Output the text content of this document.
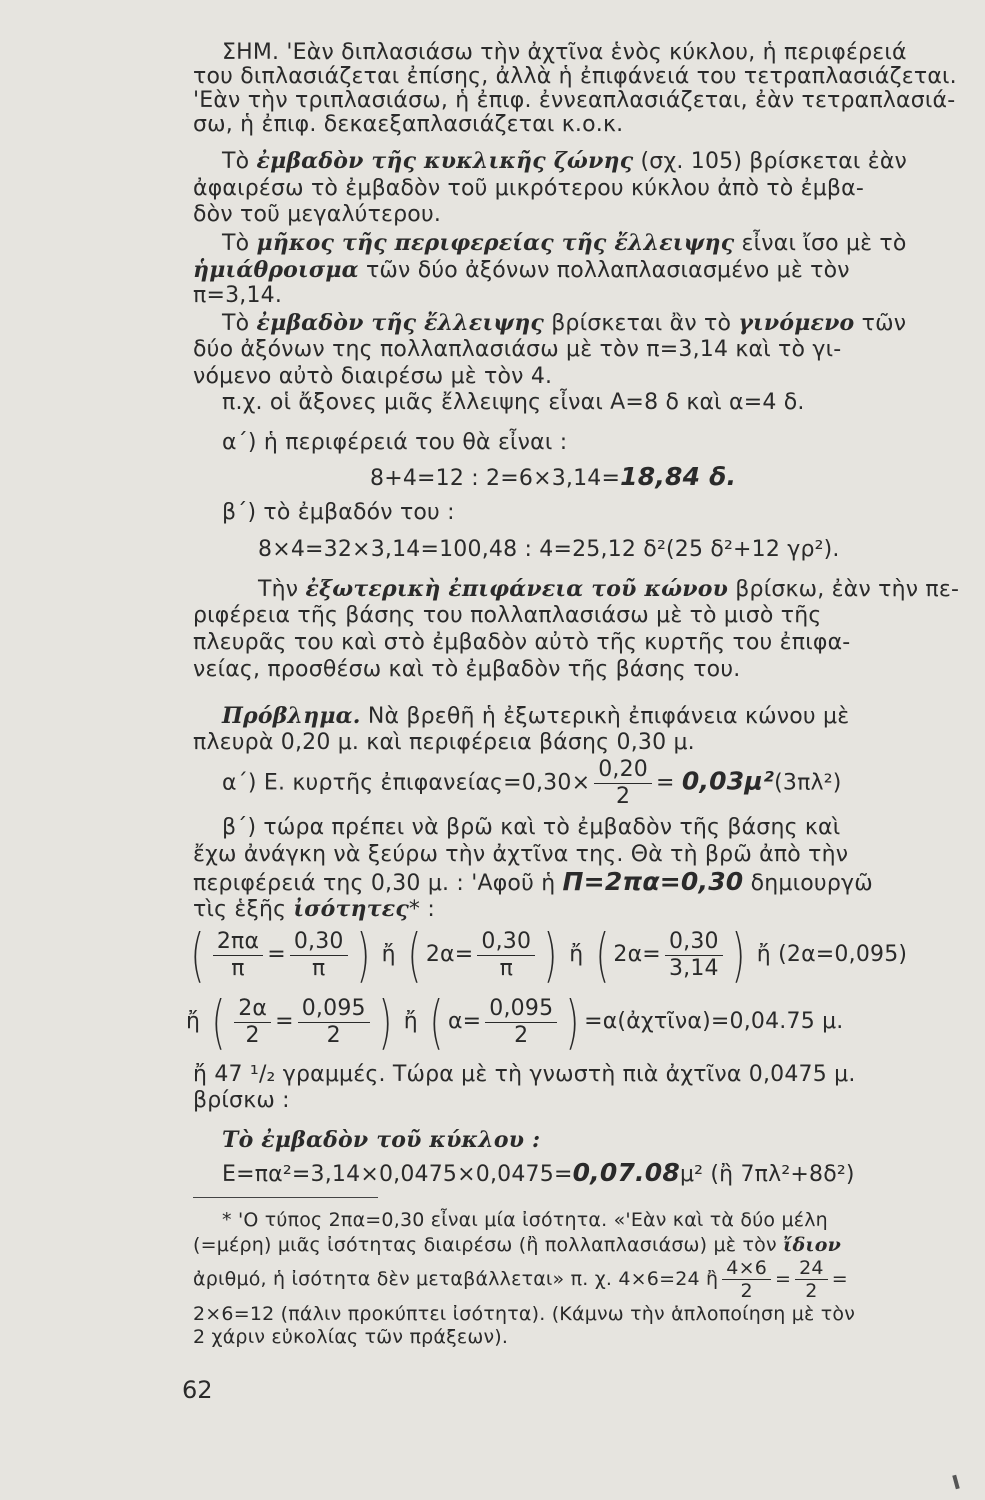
ΣΗΜ. 'Εὰν διπλασιάσω τὴν ἀχτῖνα ἑνὸς κύκλου, ἡ περιφέρειά
του διπλασιάζεται ἐπίσης, ἀλλὰ ἡ ἐπιφάνειά του τετραπλασιάζεται.
'Εὰν τὴν τριπλασιάσω, ἡ ἐπιφ. ἐννεαπλασιάζεται, ἐὰν τετραπλασιά-
σω, ἡ ἐπιφ. δεκαεξαπλασιάζεται κ.ο.κ.
Τὸ ἐμβαδὸν τῆς κυκλικῆς ζώνης (σχ. 105) βρίσκεται ἐὰν
ἀφαιρέσω τὸ ἐμβαδὸν τοῦ μικρότερου κύκλου ἀπὸ τὸ ἐμβα-
δὸν τοῦ μεγαλύτερου.
Τὸ μῆκος τῆς περιφερείας τῆς ἔλλειψης εἶναι ἴσο μὲ τὸ
ἡμιάθροισμα τῶν δύο ἀξόνων πολλαπλασιασμένο μὲ τὸν
π=3,14.
Τὸ ἐμβαδὸν τῆς ἔλλειψης βρίσκεται ἂν τὸ γινόμενο τῶν
δύο ἀξόνων της πολλαπλασιάσω μὲ τὸν π=3,14 καὶ τὸ γι-
νόμενο αὐτὸ διαιρέσω μὲ τὸν 4.
π.χ. οἱ ἄξονες μιᾶς ἔλλειψης εἶναι Α=8 δ καὶ α=4 δ.
α΄) ἡ περιφέρειά του θὰ εἶναι :
8+4=12 : 2=6×3,14=18,84 δ.
β΄) τὸ ἐμβαδόν του :
8×4=32×3,14=100,48 : 4=25,12 δ²(25 δ²+12 γρ²).
Τὴν ἐξωτερικὴ ἐπιφάνεια τοῦ κώνου βρίσκω, ἐὰν τὴν πε-
ριφέρεια τῆς βάσης του πολλαπλασιάσω μὲ τὸ μισὸ τῆς
πλευρᾶς του καὶ στὸ ἐμβαδὸν αὐτὸ τῆς κυρτῆς του ἐπιφα-
νείας, προσθέσω καὶ τὸ ἐμβαδὸν τῆς βάσης του.
Πρόβλημα. Νὰ βρεθῆ ἡ ἐξωτερικὴ ἐπιφάνεια κώνου μὲ
πλευρὰ 0,20 μ. καὶ περιφέρεια βάσης 0,30 μ.
α΄) Ε. κυρτῆς ἐπιφανείας=0,30× $\frac{0,20}{2} = 0,03\mu^2(3\pi\lambda^2)$
β΄) τώρα πρέπει νὰ βρῶ καὶ τὸ ἐμβαδὸν τῆς βάσης καὶ
ἔχω ἀνάγκη νὰ ξεύρω τὴν ἀχτῖνα της. Θὰ τὴ βρῶ ἀπὸ τὴν
περιφέρειά της 0,30 μ. : 'Αφοῦ ἡ Π=2πα=0,30 δημιουργῶ
τὶς ἑξῆς ἰσότητες* :
( $\frac{2\pi\alpha}{\pi} = \frac{0,30}{\pi}$ ) ἤ ( $2\alpha= \frac{0,30}{\pi}$ ) ἤ ( $2\alpha= \frac{0,30}{3,14}$ ) ἤ (2α=0,095)
ἤ ( $\frac{2\alpha}{2} = \frac{0,095}{2}$ ) ἤ ( $\alpha= \frac{0,095}{2}$ ) =α(ἀχτῖνα)=0,04.75 μ.
ἤ 47 ¹/₂ γραμμές. Τώρα μὲ τὴ γνωστὴ πιὰ ἀχτῖνα 0,0475 μ.
βρίσκω :
Τὸ ἐμβαδὸν τοῦ κύκλου :
Ε=πα²=3,14×0,0475×0,0475=0,07.08μ² (ἢ 7πλ²+8δ²)
* 'Ο τύπος 2πα=0,30 εἶναι μία ἰσότητα. «'Εὰν καὶ τὰ δύο μέλη
(=μέρη) μιᾶς ἰσότητας διαιρέσω (ἢ πολλαπλασιάσω) μὲ τὸν ἴδιον
ἀριθμό, ἡ ἰσότητα δὲν μεταβάλλεται» π. χ. 4×6=24 ἢ $\frac{4\times 6}{2} = \frac{24}{2}$ =
2×6=12 (πάλιν προκύπτει ἰσότητα). (Κάμνω τὴν ἁπλοποίηση μὲ τὸν
2 χάριν εὐκολίας τῶν πράξεων).
62
